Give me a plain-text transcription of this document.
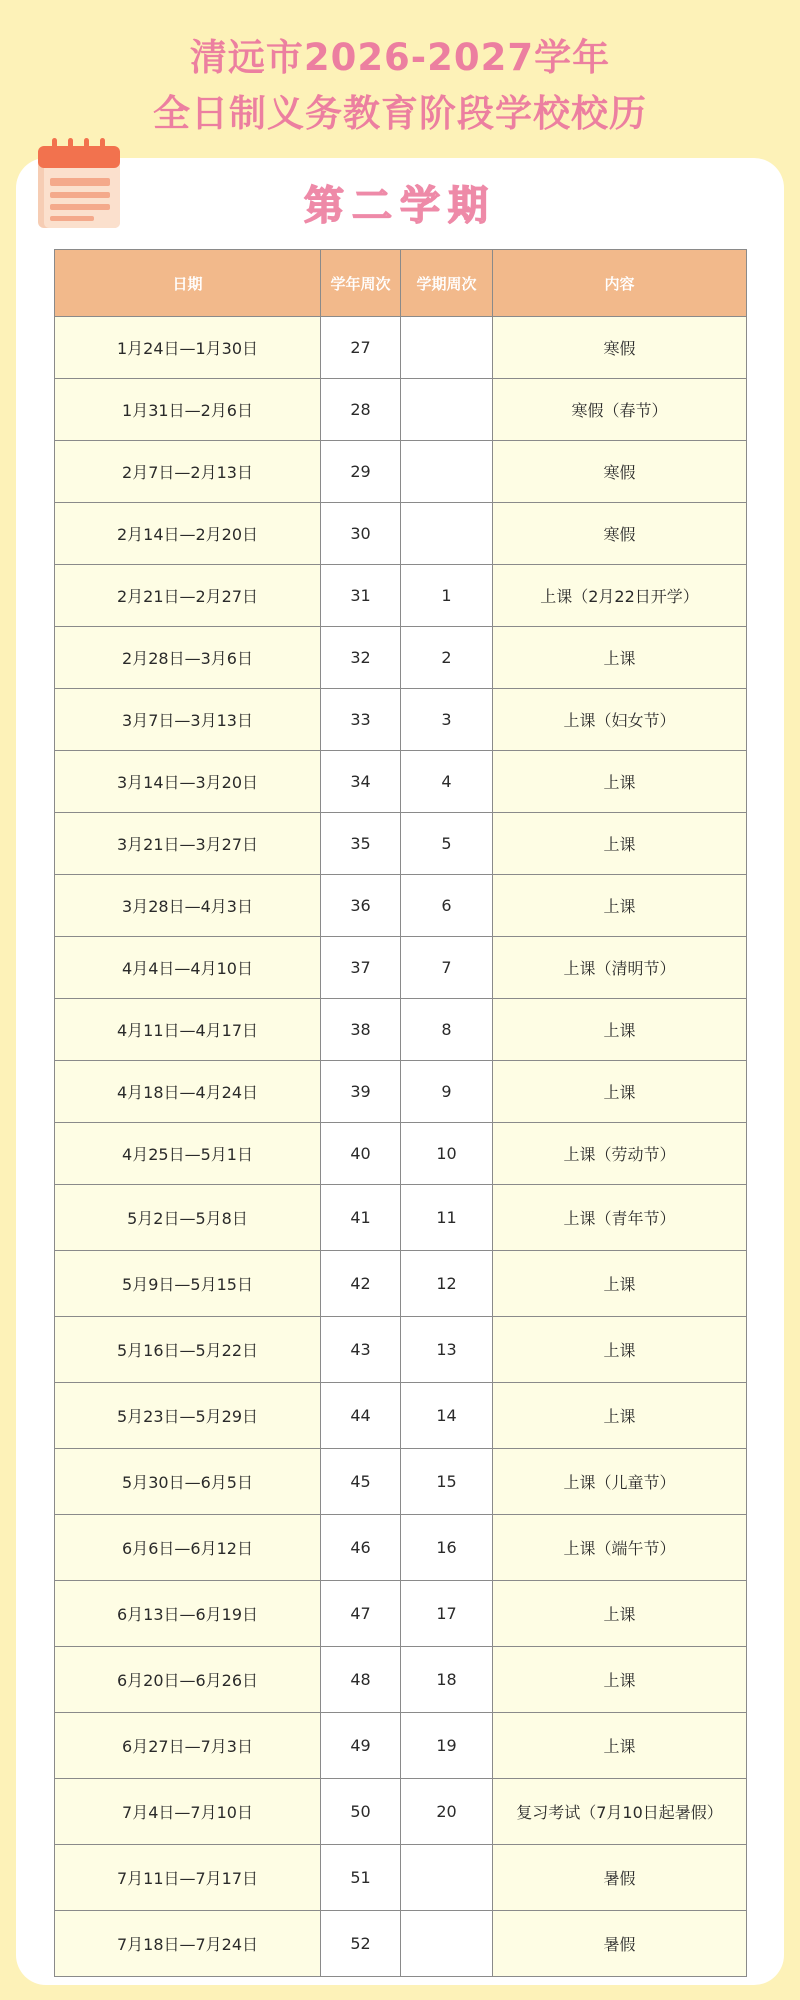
清远市2026-2027学年
全日制义务教育阶段学校校历
第二学期
日期	学年周次	学期周次	内容
1月24日—1月30日	27		寒假
1月31日—2月6日	28		寒假（春节）
2月7日—2月13日	29		寒假
2月14日—2月20日	30		寒假
2月21日—2月27日	31	1	上课（2月22日开学）
2月28日—3月6日	32	2	上课
3月7日—3月13日	33	3	上课（妇女节）
3月14日—3月20日	34	4	上课
3月21日—3月27日	35	5	上课
3月28日—4月3日	36	6	上课
4月4日—4月10日	37	7	上课（清明节）
4月11日—4月17日	38	8	上课
4月18日—4月24日	39	9	上课
4月25日—5月1日	40	10	上课（劳动节）
5月2日—5月8日	41	11	上课（青年节）
5月9日—5月15日	42	12	上课
5月16日—5月22日	43	13	上课
5月23日—5月29日	44	14	上课
5月30日—6月5日	45	15	上课（儿童节）
6月6日—6月12日	46	16	上课（端午节）
6月13日—6月19日	47	17	上课
6月20日—6月26日	48	18	上课
6月27日—7月3日	49	19	上课
7月4日—7月10日	50	20	复习考试（7月10日起暑假）
7月11日—7月17日	51		暑假
7月18日—7月24日	52		暑假
